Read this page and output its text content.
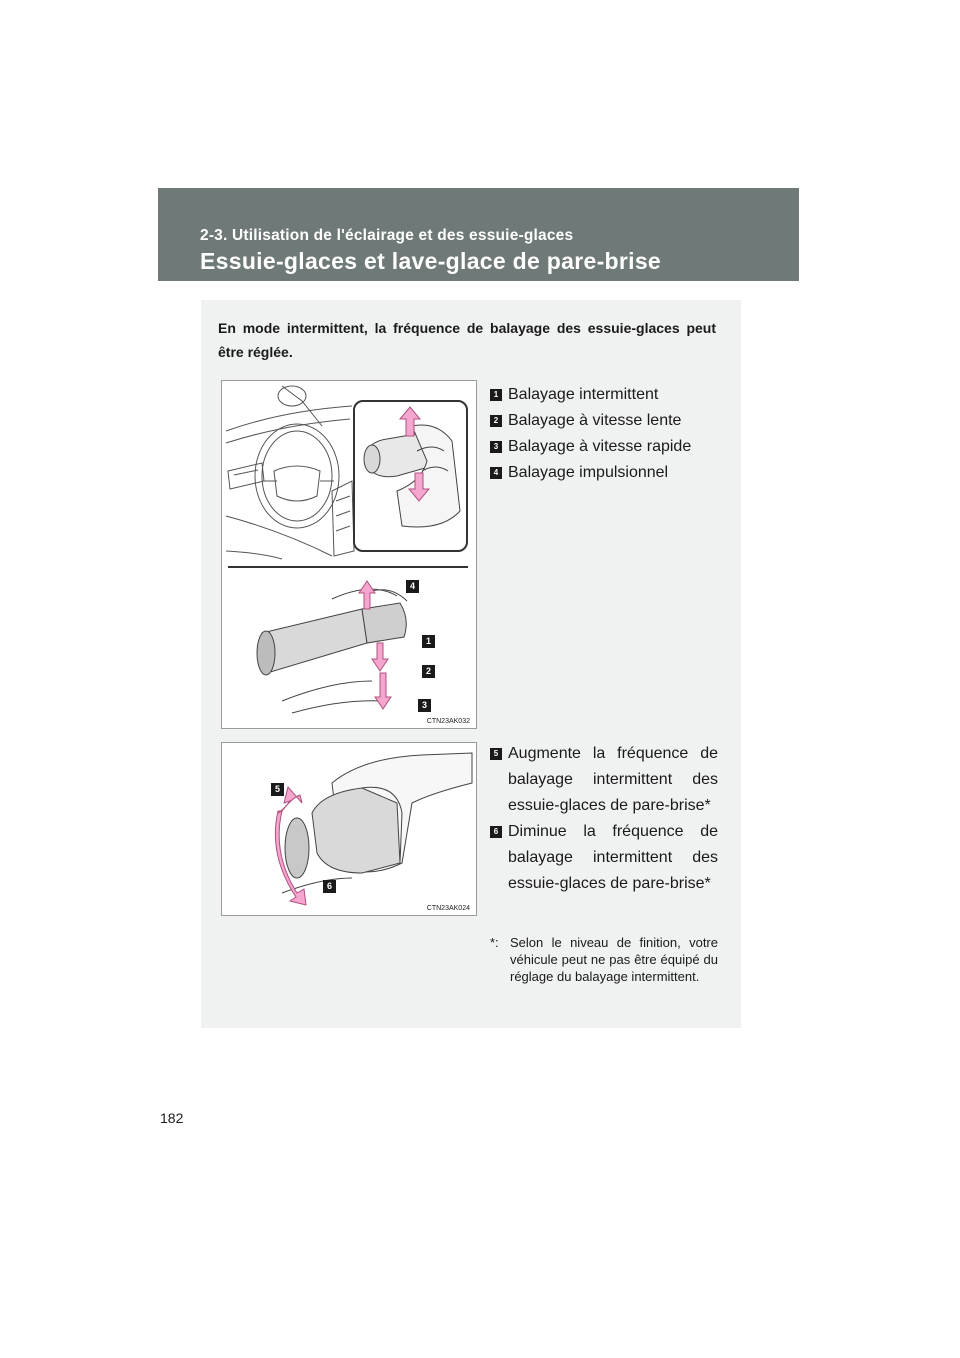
2-3. Utilisation de l'éclairage et des essuie-glaces
Essuie-glaces et lave-glace de pare-brise
En mode intermittent, la fréquence de balayage des essuie-glaces peut être réglée.
4
1
2
3
CTN23AK032
1 Balayage intermittent
2 Balayage à vitesse lente
3 Balayage à vitesse rapide
4 Balayage impulsionnel
5
6
CTN23AK024
5 Augmente la fréquence de balayage intermittent des essuie-glaces de pare-brise*
6 Diminue la fréquence de balayage intermittent des essuie-glaces de pare-brise*
*: Selon le niveau de finition, votre véhicule peut ne pas être équipé du réglage du balayage intermittent.
182
